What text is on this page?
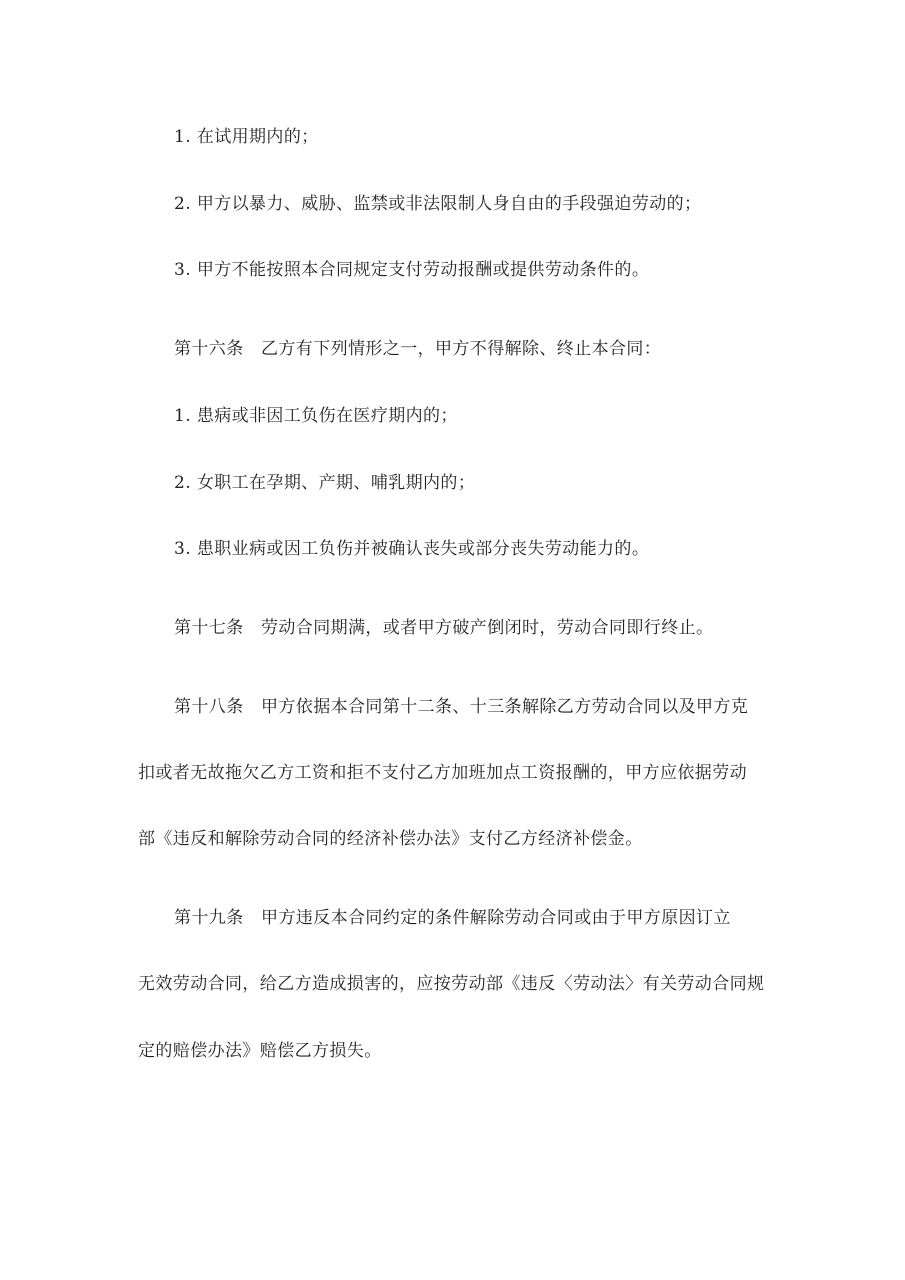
1. 在试用期内的；
2. 甲方以暴力、威胁、监禁或非法限制人身自由的手段强迫劳动的；
3. 甲方不能按照本合同规定支付劳动报酬或提供劳动条件的。
第十六条　乙方有下列情形之一，甲方不得解除、终止本合同：
1. 患病或非因工负伤在医疗期内的；
2. 女职工在孕期、产期、哺乳期内的；
3. 患职业病或因工负伤并被确认丧失或部分丧失劳动能力的。
第十七条　劳动合同期满，或者甲方破产倒闭时，劳动合同即行终止。
第十八条　甲方依据本合同第十二条、十三条解除乙方劳动合同以及甲方克
扣或者无故拖欠乙方工资和拒不支付乙方加班加点工资报酬的，甲方应依据劳动
部《违反和解除劳动合同的经济补偿办法》支付乙方经济补偿金。
第十九条　甲方违反本合同约定的条件解除劳动合同或由于甲方原因订立
无效劳动合同，给乙方造成损害的，应按劳动部《违反〈劳动法〉有关劳动合同规
定的赔偿办法》赔偿乙方损失。
